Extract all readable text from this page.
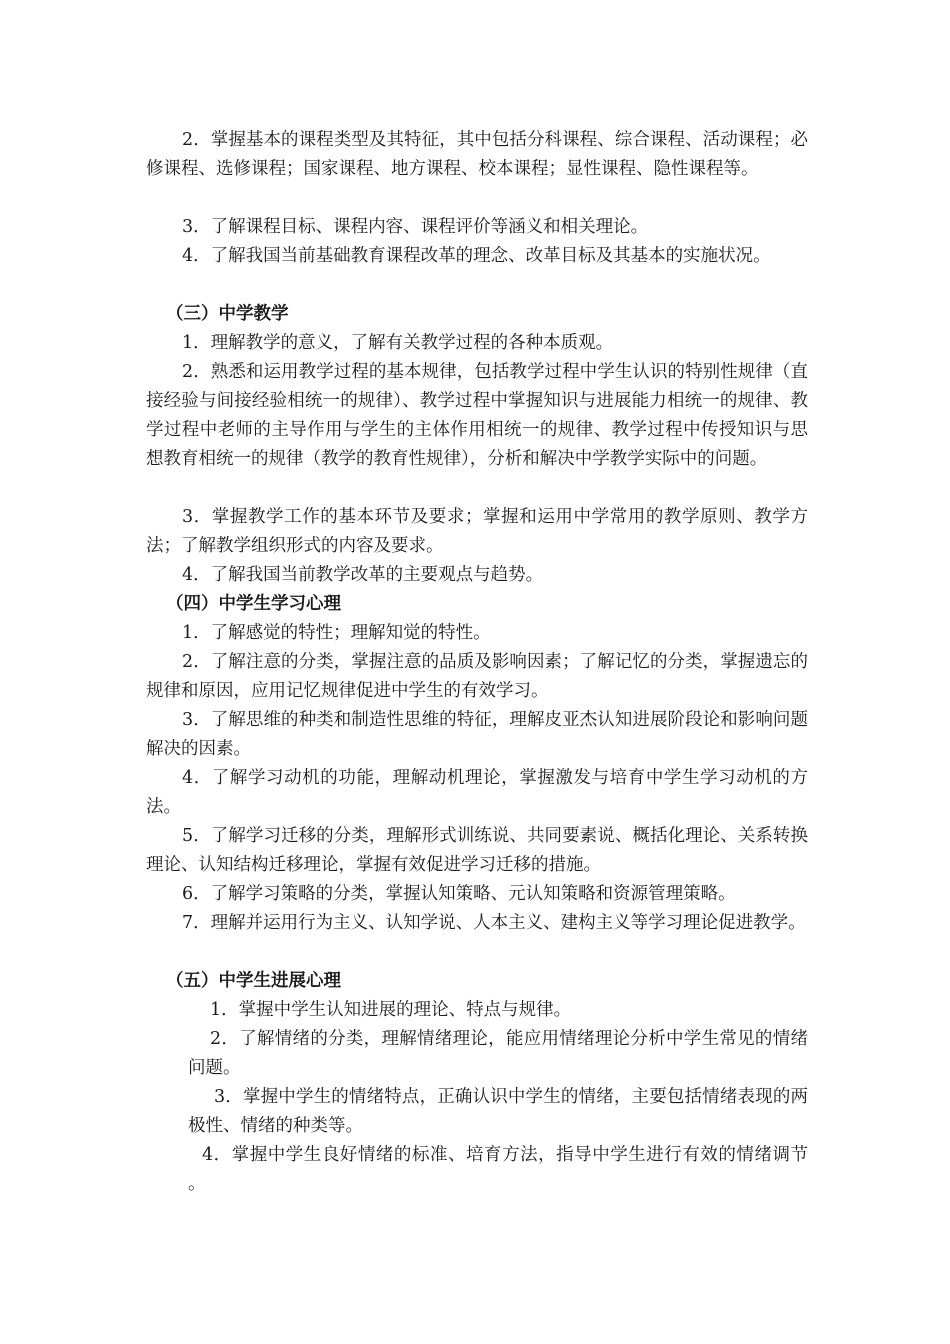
2．掌握基本的课程类型及其特征，其中包括分科课程、综合课程、活动课程；必修课程、选修课程；国家课程、地方课程、校本课程；显性课程、隐性课程等。

3．了解课程目标、课程内容、课程评价等涵义和相关理论。

4．了解我国当前基础教育课程改革的理念、改革目标及其基本的实施状况。

（三）中学教学

1．理解教学的意义，了解有关教学过程的各种本质观。

2．熟悉和运用教学过程的基本规律，包括教学过程中学生认识的特别性规律（直接经验与间接经验相统一的规律）、教学过程中掌握知识与进展能力相统一的规律、教学过程中老师的主导作用与学生的主体作用相统一的规律、教学过程中传授知识与思想教育相统一的规律（教学的教育性规律），分析和解决中学教学实际中的问题。

3．掌握教学工作的基本环节及要求；掌握和运用中学常用的教学原则、教学方法；了解教学组织形式的内容及要求。

4．了解我国当前教学改革的主要观点与趋势。

（四）中学生学习心理

1．了解感觉的特性；理解知觉的特性。

2．了解注意的分类，掌握注意的品质及影响因素；了解记忆的分类，掌握遗忘的规律和原因，应用记忆规律促进中学生的有效学习。

3．了解思维的种类和制造性思维的特征，理解皮亚杰认知进展阶段论和影响问题解决的因素。

4．了解学习动机的功能，理解动机理论，掌握激发与培育中学生学习动机的方法。

5．了解学习迁移的分类，理解形式训练说、共同要素说、概括化理论、关系转换理论、认知结构迁移理论，掌握有效促进学习迁移的措施。

6．了解学习策略的分类，掌握认知策略、元认知策略和资源管理策略。

7．理解并运用行为主义、认知学说、人本主义、建构主义等学习理论促进教学。

（五）中学生进展心理

1．掌握中学生认知进展的理论、特点与规律。

2．了解情绪的分类，理解情绪理论，能应用情绪理论分析中学生常见的情绪问题。

3．掌握中学生的情绪特点，正确认识中学生的情绪，主要包括情绪表现的两极性、情绪的种类等。

4．掌握中学生良好情绪的标准、培育方法，指导中学生进行有效的情绪调节 。
